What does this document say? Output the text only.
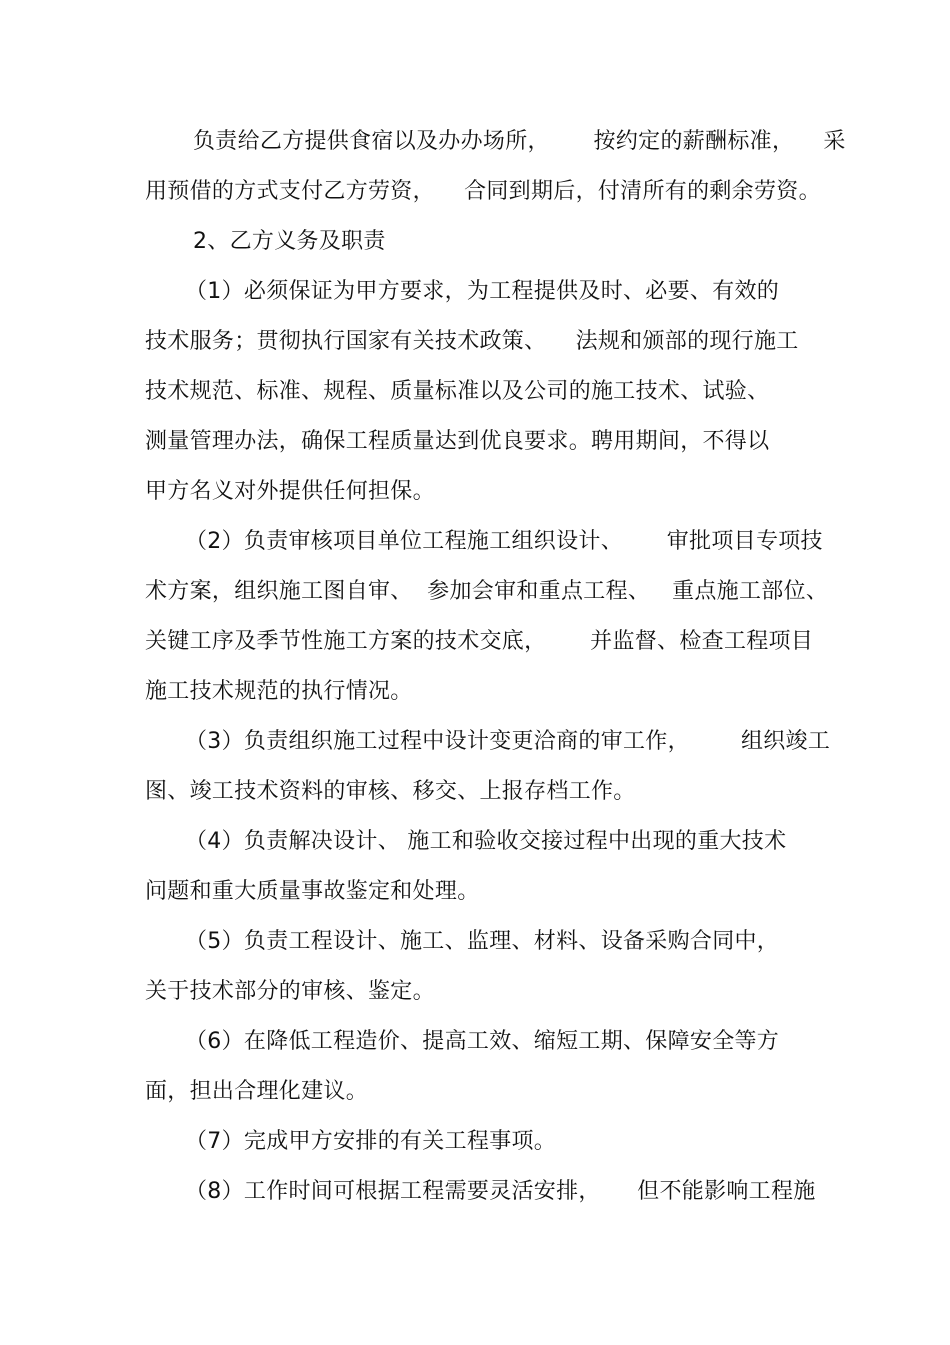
负责给乙方提供食宿以及办办场所，      按约定的薪酬标准，    采
用预借的方式支付乙方劳资，    合同到期后，付清所有的剩余劳资。
2、乙方义务及职责
（1）必须保证为甲方要求，为工程提供及时、必要、有效的
技术服务；贯彻执行国家有关技术政策、    法规和颁部的现行施工
技术规范、标准、规程、质量标准以及公司的施工技术、试验、
测量管理办法，确保工程质量达到优良要求。聘用期间，不得以
甲方名义对外提供任何担保。
（2）负责审核项目单位工程施工组织设计、      审批项目专项技
术方案，组织施工图自审、  参加会审和重点工程、   重点施工部位、
关键工序及季节性施工方案的技术交底，      并监督、检查工程项目
施工技术规范的执行情况。
（3）负责组织施工过程中设计变更洽商的审工作，       组织竣工
图、竣工技术资料的审核、移交、上报存档工作。
（4）负责解决设计、 施工和验收交接过程中出现的重大技术
问题和重大质量事故鉴定和处理。
（5）负责工程设计、施工、监理、材料、设备采购合同中，
关于技术部分的审核、鉴定。
（6）在降低工程造价、提高工效、缩短工期、保障安全等方
面，担出合理化建议。
（7）完成甲方安排的有关工程事项。
（8）工作时间可根据工程需要灵活安排，     但不能影响工程施
